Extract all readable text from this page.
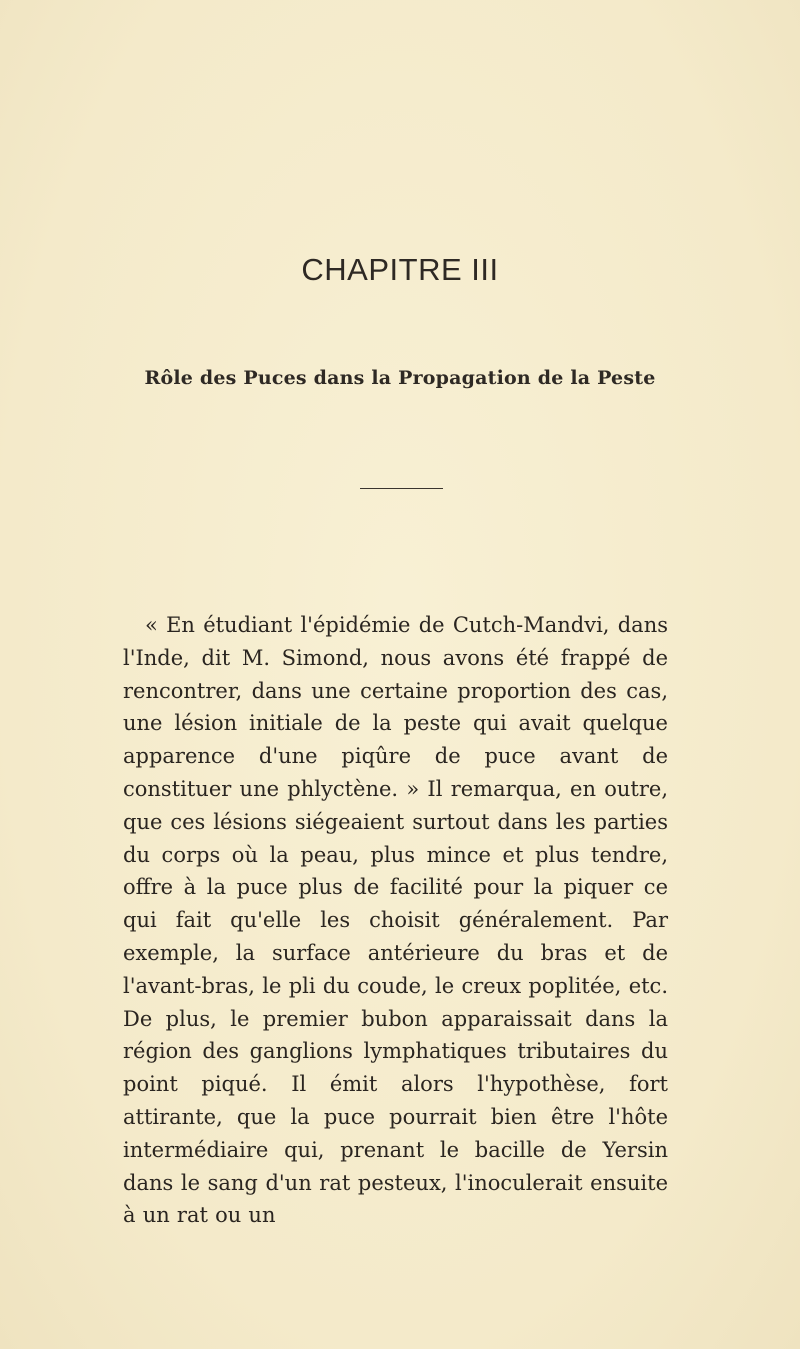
CHAPITRE III
Rôle des Puces dans la Propagation de la Peste

« En étudiant l'épidémie de Cutch-Mandvi, dans l'Inde, dit M. Simond, nous avons été frappé de rencontrer, dans une certaine proportion des cas, une lésion initiale de la peste qui avait quelque apparence d'une piqûre de puce avant de constituer une phlyctène. » Il remarqua, en outre, que ces lésions siégeaient surtout dans les parties du corps où la peau, plus mince et plus tendre, offre à la puce plus de facilité pour la piquer ce qui fait qu'elle les choisit généralement. Par exemple, la surface antérieure du bras et de l'avant-bras, le pli du coude, le creux poplitée, etc. De plus, le premier bubon apparaissait dans la région des ganglions lymphatiques tributaires du point piqué. Il émit alors l'hypothèse, fort attirante, que la puce pourrait bien être l'hôte intermédiaire qui, prenant le bacille de Yersin dans le sang d'un rat pesteux, l'inoculerait ensuite à un rat ou un
